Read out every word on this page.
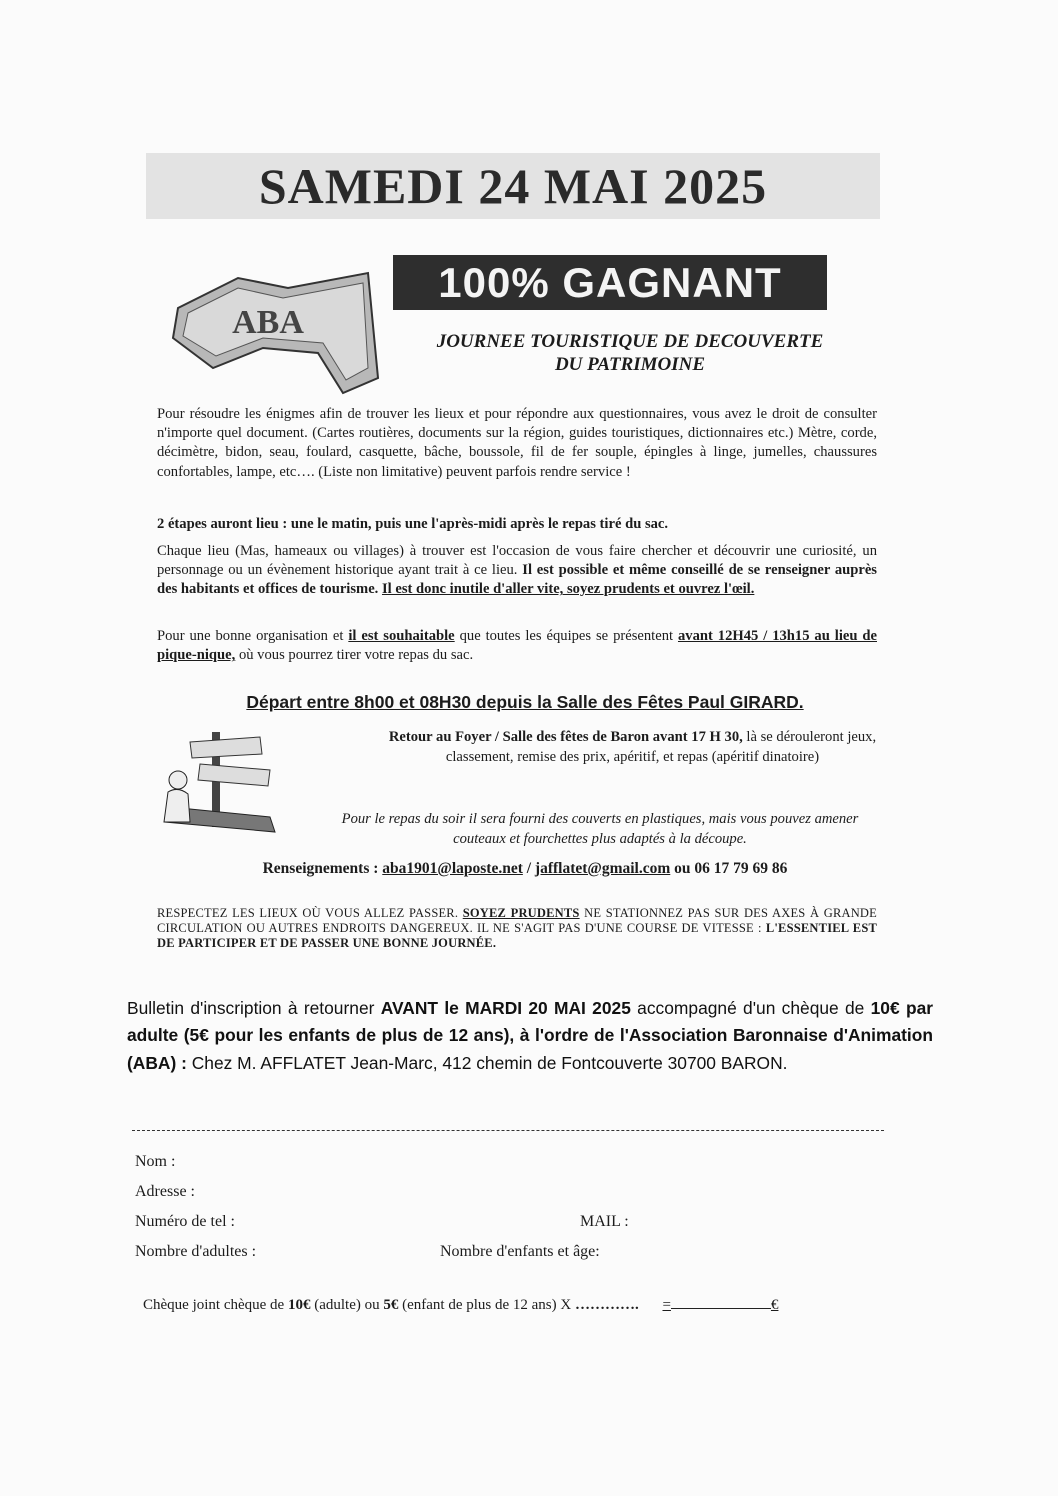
SAMEDI 24 MAI 2025
100% GAGNANT
ABA
JOURNEE TOURISTIQUE DE DECOUVERTE
DU PATRIMOINE
Pour résoudre les énigmes afin de trouver les lieux et pour répondre aux questionnaires, vous avez le droit de consulter n'importe quel document. (Cartes routières, documents sur la région, guides touristiques, dictionnaires etc.) Mètre, corde, décimètre, bidon, seau, foulard, casquette, bâche, boussole, fil de fer souple, épingles à linge, jumelles, chaussures confortables, lampe, etc…. (Liste non limitative) peuvent parfois rendre service !
2 étapes auront lieu : une le matin, puis une l'après-midi après le repas tiré du sac.
Chaque lieu (Mas, hameaux ou villages) à trouver est l'occasion de vous faire chercher et découvrir une curiosité, un personnage ou un évènement historique ayant trait à ce lieu. Il est possible et même conseillé de se renseigner auprès des habitants et offices de tourisme. Il est donc inutile d'aller vite, soyez prudents et ouvrez l'œil.
Pour une bonne organisation et il est souhaitable que toutes les équipes se présentent avant 12H45 / 13h15 au lieu de pique-nique, où vous pourrez tirer votre repas du sac.
Départ entre 8h00 et 08H30 depuis la Salle des Fêtes Paul GIRARD.
Retour au Foyer / Salle des fêtes de Baron avant 17 H 30, là se dérouleront jeux, classement, remise des prix, apéritif, et repas (apéritif dinatoire)
Pour le repas du soir il sera fourni des couverts en plastiques, mais vous pouvez amener couteaux et fourchettes plus adaptés à la découpe.
Renseignements : aba1901@laposte.net / jafflatet@gmail.com ou 06 17 79 69 86
RESPECTEZ LES LIEUX OÙ VOUS ALLEZ PASSER. SOYEZ PRUDENTS NE STATIONNEZ PAS SUR DES AXES À GRANDE CIRCULATION OU AUTRES ENDROITS DANGEREUX. IL NE S'AGIT PAS D'UNE COURSE DE VITESSE : L'ESSENTIEL EST DE PARTICIPER ET DE PASSER UNE BONNE JOURNÉE.
Bulletin d'inscription à retourner AVANT le MARDI 20 MAI 2025 accompagné d'un chèque de 10€ par adulte (5€ pour les enfants de plus de 12 ans), à l'ordre de l'Association Baronnaise d'Animation (ABA) : Chez M. AFFLATET Jean-Marc, 412 chemin de Fontcouverte 30700 BARON.
Nom :
Adresse :
Numéro de tel :	MAIL :
Nombre d'adultes :	Nombre d'enfants et âge:
Chèque joint chèque de 10€ (adulte) ou 5€ (enfant de plus de 12 ans) X …………. =	€
